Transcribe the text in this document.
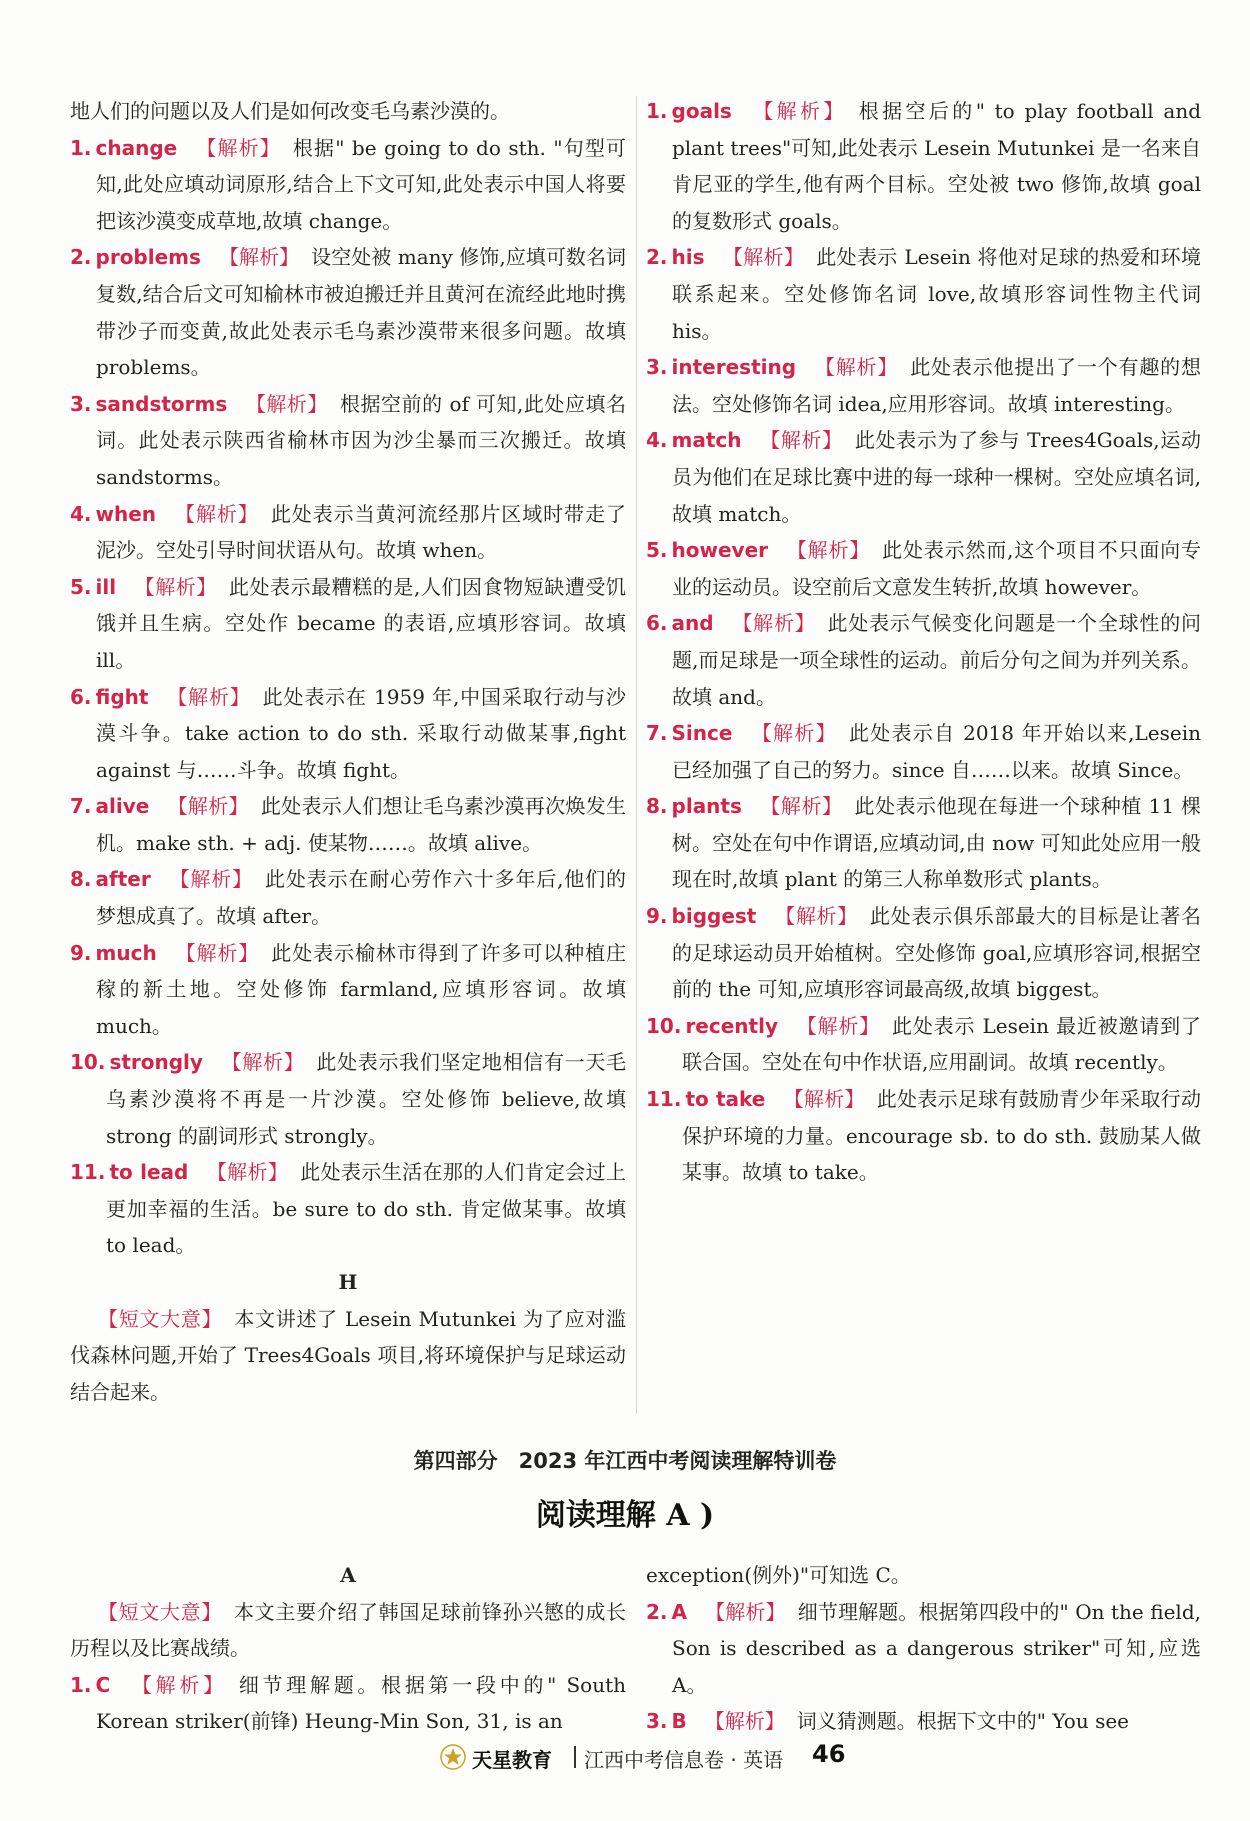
地人们的问题以及人们是如何改变毛乌素沙漠的。

1. change 【解析】 根据" be going to do sth. "句型可知,此处应填动词原形,结合上下文可知,此处表示中国人将要把该沙漠变成草地,故填 change。

2. problems 【解析】 设空处被 many 修饰,应填可数名词复数,结合后文可知榆林市被迫搬迁并且黄河在流经此地时携带沙子而变黄,故此处表示毛乌素沙漠带来很多问题。故填 problems。

3. sandstorms 【解析】 根据空前的 of 可知,此处应填名词。此处表示陕西省榆林市因为沙尘暴而三次搬迁。故填 sandstorms。

4. when 【解析】 此处表示当黄河流经那片区域时带走了泥沙。空处引导时间状语从句。故填 when。

5. ill 【解析】 此处表示最糟糕的是,人们因食物短缺遭受饥饿并且生病。空处作 became 的表语,应填形容词。故填 ill。

6. fight 【解析】 此处表示在 1959 年,中国采取行动与沙漠斗争。take action to do sth. 采取行动做某事,fight against 与……斗争。故填 fight。

7. alive 【解析】 此处表示人们想让毛乌素沙漠再次焕发生机。make sth. + adj. 使某物……。故填 alive。

8. after 【解析】 此处表示在耐心劳作六十多年后,他们的梦想成真了。故填 after。

9. much 【解析】 此处表示榆林市得到了许多可以种植庄稼的新土地。空处修饰 farmland,应填形容词。故填 much。

10. strongly 【解析】 此处表示我们坚定地相信有一天毛乌素沙漠将不再是一片沙漠。空处修饰 believe,故填 strong 的副词形式 strongly。

11. to lead 【解析】 此处表示生活在那的人们肯定会过上更加幸福的生活。be sure to do sth. 肯定做某事。故填 to lead。

H

【短文大意】 本文讲述了 Lesein Mutunkei 为了应对滥伐森林问题,开始了 Trees4Goals 项目,将环境保护与足球运动结合起来。

1. goals 【解析】 根据空后的" to play football and plant trees"可知,此处表示 Lesein Mutunkei 是一名来自肯尼亚的学生,他有两个目标。空处被 two 修饰,故填 goal 的复数形式 goals。

2. his 【解析】 此处表示 Lesein 将他对足球的热爱和环境联系起来。空处修饰名词 love,故填形容词性物主代词 his。

3. interesting 【解析】 此处表示他提出了一个有趣的想法。空处修饰名词 idea,应用形容词。故填 interesting。

4. match 【解析】 此处表示为了参与 Trees4Goals,运动员为他们在足球比赛中进的每一球种一棵树。空处应填名词,故填 match。

5. however 【解析】 此处表示然而,这个项目不只面向专业的运动员。设空前后文意发生转折,故填 however。

6. and 【解析】 此处表示气候变化问题是一个全球性的问题,而足球是一项全球性的运动。前后分句之间为并列关系。故填 and。

7. Since 【解析】 此处表示自 2018 年开始以来,Lesein 已经加强了自己的努力。since 自……以来。故填 Since。

8. plants 【解析】 此处表示他现在每进一个球种植 11 棵树。空处在句中作谓语,应填动词,由 now 可知此处应用一般现在时,故填 plant 的第三人称单数形式 plants。

9. biggest 【解析】 此处表示俱乐部最大的目标是让著名的足球运动员开始植树。空处修饰 goal,应填形容词,根据空前的 the 可知,应填形容词最高级,故填 biggest。

10. recently 【解析】 此处表示 Lesein 最近被邀请到了联合国。空处在句中作状语,应用副词。故填 recently。

11. to take 【解析】 此处表示足球有鼓励青少年采取行动保护环境的力量。encourage sb. to do sth. 鼓励某人做某事。故填 to take。

第四部分　2023 年江西中考阅读理解特训卷
阅读理解 A )

A

【短文大意】 本文主要介绍了韩国足球前锋孙兴慜的成长历程以及比赛战绩。

1. C 【解析】 细节理解题。根据第一段中的" South Korean striker(前锋) Heung-Min Son, 31, is an

exception(例外)"可知选 C。

2. A 【解析】 细节理解题。根据第四段中的" On the field, Son is described as a dangerous striker"可知,应选 A。

3. B 【解析】 词义猜测题。根据下文中的" You see

天星教育 江西中考信息卷 · 英语 46
